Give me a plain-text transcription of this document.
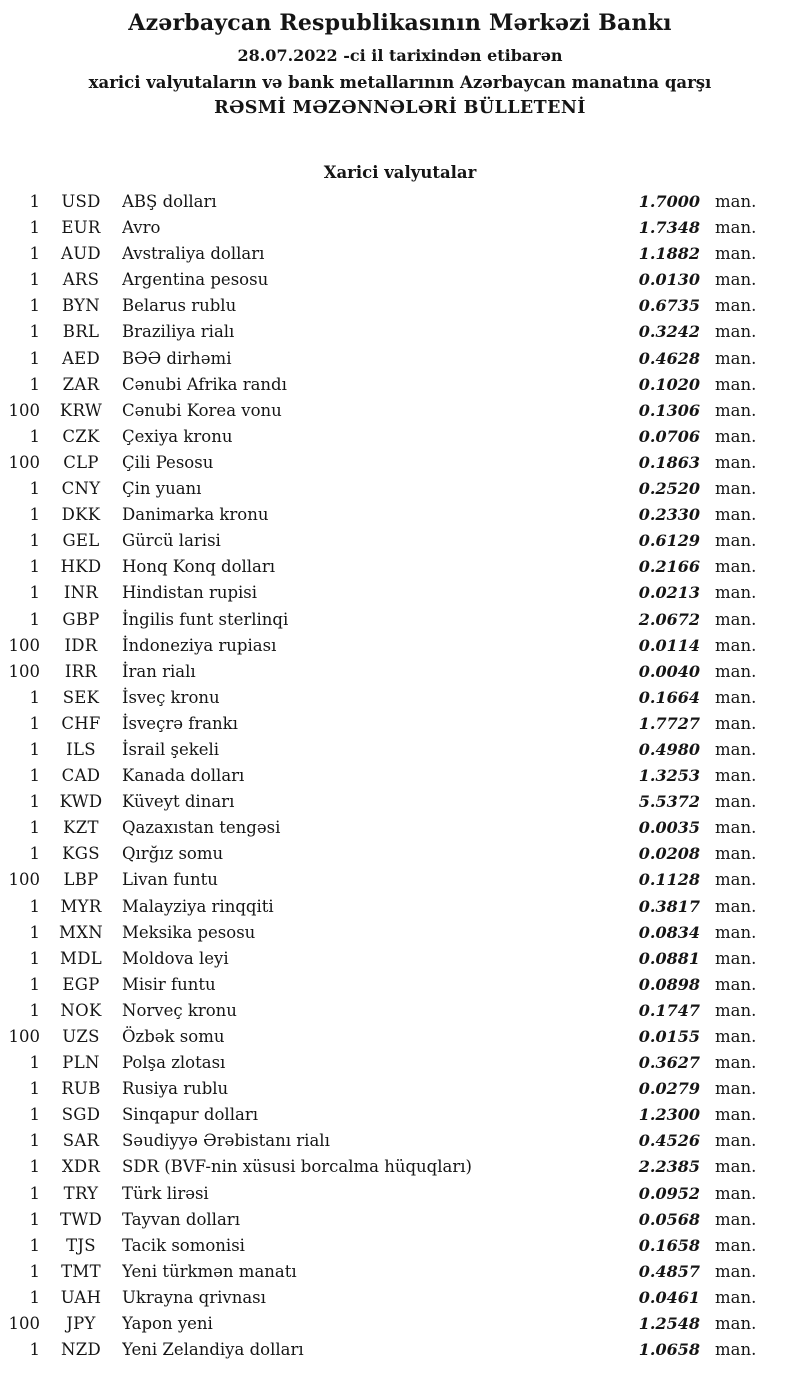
Azərbaycan Respublikasının Mərkəzi Bankı
28.07.2022 -ci il tarixindən etibarən
xarici valyutaların və bank metallarının Azərbaycan manatına qarşı
RƏSMİ MƏZƏNNƏLƏRİ BÜLLETENİ
Xarici valyutalar
1	USD	ABŞ dolları	1.7000 man.
1	EUR	Avro	1.7348 man.
1	AUD	Avstraliya dolları	1.1882 man.
1	ARS	Argentina pesosu	0.0130 man.
1	BYN	Belarus rublu	0.6735 man.
1	BRL	Braziliya rialı	0.3242 man.
1	AED	BƏƏ dirhəmi	0.4628 man.
1	ZAR	Cənubi Afrika randı	0.1020 man.
100	KRW	Cənubi Korea vonu	0.1306 man.
1	CZK	Çexiya kronu	0.0706 man.
100	CLP	Çili Pesosu	0.1863 man.
1	CNY	Çin yuanı	0.2520 man.
1	DKK	Danimarka kronu	0.2330 man.
1	GEL	Gürcü larisi	0.6129 man.
1	HKD	Honq Konq dolları	0.2166 man.
1	INR	Hindistan rupisi	0.0213 man.
1	GBP	İngilis funt sterlinqi	2.0672 man.
100	IDR	İndoneziya rupiası	0.0114 man.
100	IRR	İran rialı	0.0040 man.
1	SEK	İsveç kronu	0.1664 man.
1	CHF	İsveçrə frankı	1.7727 man.
1	ILS	İsrail şekeli	0.4980 man.
1	CAD	Kanada dolları	1.3253 man.
1	KWD	Küveyt dinarı	5.5372 man.
1	KZT	Qazaxıstan tengəsi	0.0035 man.
1	KGS	Qırğız somu	0.0208 man.
100	LBP	Livan funtu	0.1128 man.
1	MYR	Malayziya rinqqiti	0.3817 man.
1	MXN	Meksika pesosu	0.0834 man.
1	MDL	Moldova leyi	0.0881 man.
1	EGP	Misir funtu	0.0898 man.
1	NOK	Norveç kronu	0.1747 man.
100	UZS	Özbək somu	0.0155 man.
1	PLN	Polşa zlotası	0.3627 man.
1	RUB	Rusiya rublu	0.0279 man.
1	SGD	Sinqapur dolları	1.2300 man.
1	SAR	Səudiyyə Ərəbistanı rialı	0.4526 man.
1	XDR	SDR (BVF-nin xüsusi borcalma hüquqları)	2.2385 man.
1	TRY	Türk lirəsi	0.0952 man.
1	TWD	Tayvan dolları	0.0568 man.
1	TJS	Tacik somonisi	0.1658 man.
1	TMT	Yeni türkmən manatı	0.4857 man.
1	UAH	Ukrayna qrivnası	0.0461 man.
100	JPY	Yapon yeni	1.2548 man.
1	NZD	Yeni Zelandiya dolları	1.0658 man.
